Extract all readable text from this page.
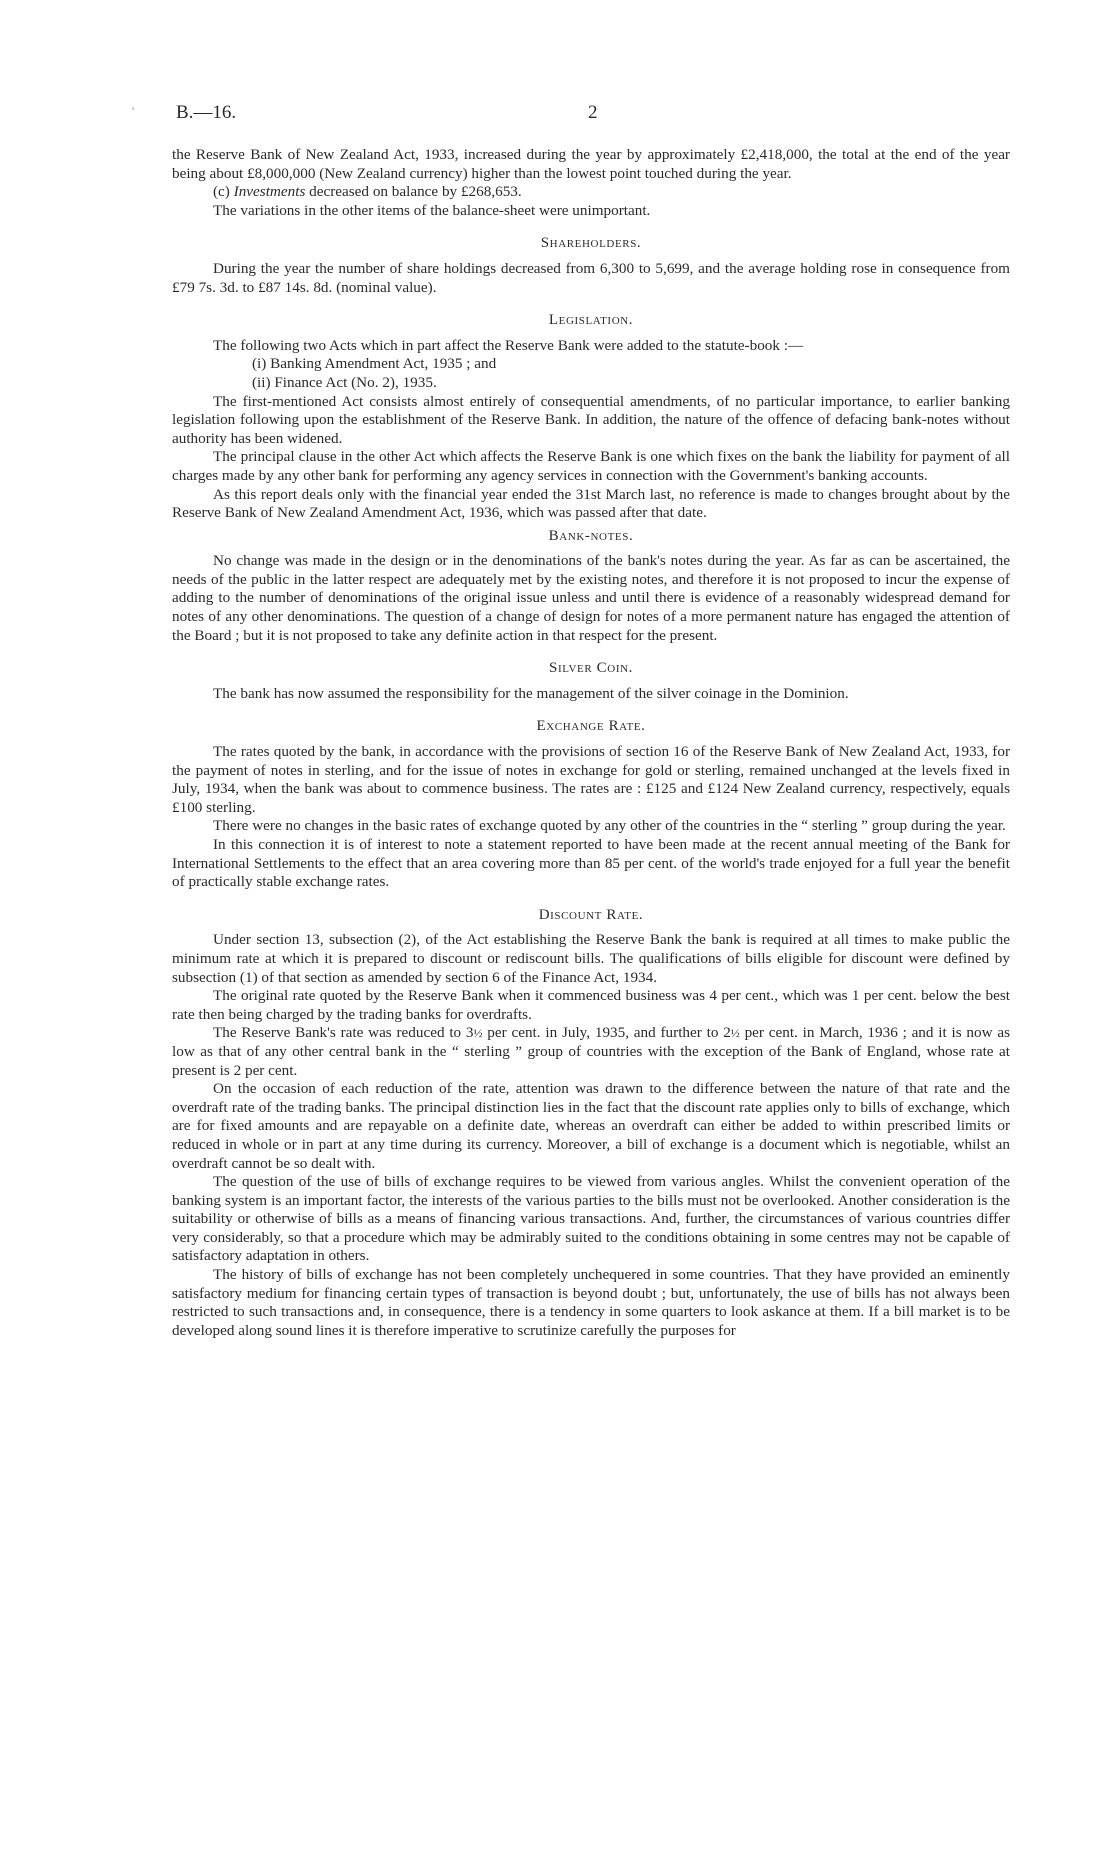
' B.—16.	2

the Reserve Bank of New Zealand Act, 1933, increased during the year by approximately £2,418,000, the total at the end of the year being about £8,000,000 (New Zealand currency) higher than the lowest point touched during the year.

(c) Investments decreased on balance by £268,653.

The variations in the other items of the balance-sheet were unimportant.

Shareholders.

During the year the number of share holdings decreased from 6,300 to 5,699, and the average holding rose in consequence from £79 7s. 3d. to £87 14s. 8d. (nominal value).

Legislation.

The following two Acts which in part affect the Reserve Bank were added to the statute-book :—

(i) Banking Amendment Act, 1935 ; and

(ii) Finance Act (No. 2), 1935.

The first-mentioned Act consists almost entirely of consequential amendments, of no particular importance, to earlier banking legislation following upon the establishment of the Reserve Bank. In addition, the nature of the offence of defacing bank-notes without authority has been widened.

The principal clause in the other Act which affects the Reserve Bank is one which fixes on the bank the liability for payment of all charges made by any other bank for performing any agency services in connection with the Government's banking accounts.

As this report deals only with the financial year ended the 31st March last, no reference is made to changes brought about by the Reserve Bank of New Zealand Amendment Act, 1936, which was passed after that date.

Bank-notes.

No change was made in the design or in the denominations of the bank's notes during the year. As far as can be ascertained, the needs of the public in the latter respect are adequately met by the existing notes, and therefore it is not proposed to incur the expense of adding to the number of denominations of the original issue unless and until there is evidence of a reasonably widespread demand for notes of any other denominations. The question of a change of design for notes of a more permanent nature has engaged the attention of the Board ; but it is not proposed to take any definite action in that respect for the present.

Silver Coin.

The bank has now assumed the responsibility for the management of the silver coinage in the Dominion.

Exchange Rate.

The rates quoted by the bank, in accordance with the provisions of section 16 of the Reserve Bank of New Zealand Act, 1933, for the payment of notes in sterling, and for the issue of notes in exchange for gold or sterling, remained unchanged at the levels fixed in July, 1934, when the bank was about to commence business. The rates are : £125 and £124 New Zealand currency, respectively, equals £100 sterling.

There were no changes in the basic rates of exchange quoted by any other of the countries in the “ sterling ” group during the year.

In this connection it is of interest to note a statement reported to have been made at the recent annual meeting of the Bank for International Settlements to the effect that an area covering more than 85 per cent. of the world's trade enjoyed for a full year the benefit of practically stable exchange rates.

Discount Rate.

Under section 13, subsection (2), of the Act establishing the Reserve Bank the bank is required at all times to make public the minimum rate at which it is prepared to discount or rediscount bills. The qualifications of bills eligible for discount were defined by subsection (1) of that section as amended by section 6 of the Finance Act, 1934.

The original rate quoted by the Reserve Bank when it commenced business was 4 per cent., which was 1 per cent. below the best rate then being charged by the trading banks for overdrafts.

The Reserve Bank's rate was reduced to 3½ per cent. in July, 1935, and further to 2½ per cent. in March, 1936 ; and it is now as low as that of any other central bank in the “ sterling ” group of countries with the exception of the Bank of England, whose rate at present is 2 per cent.

On the occasion of each reduction of the rate, attention was drawn to the difference between the nature of that rate and the overdraft rate of the trading banks. The principal distinction lies in the fact that the discount rate applies only to bills of exchange, which are for fixed amounts and are repayable on a definite date, whereas an overdraft can either be added to within prescribed limits or reduced in whole or in part at any time during its currency. Moreover, a bill of exchange is a document which is negotiable, whilst an overdraft cannot be so dealt with.

The question of the use of bills of exchange requires to be viewed from various angles. Whilst the convenient operation of the banking system is an important factor, the interests of the various parties to the bills must not be overlooked. Another consideration is the suitability or otherwise of bills as a means of financing various transactions. And, further, the circumstances of various countries differ very considerably, so that a procedure which may be admirably suited to the conditions obtaining in some centres may not be capable of satisfactory adaptation in others.

The history of bills of exchange has not been completely unchequered in some countries. That they have provided an eminently satisfactory medium for financing certain types of transaction is beyond doubt ; but, unfortunately, the use of bills has not always been restricted to such transactions and, in consequence, there is a tendency in some quarters to look askance at them. If a bill market is to be developed along sound lines it is therefore imperative to scrutinize carefully the purposes for
